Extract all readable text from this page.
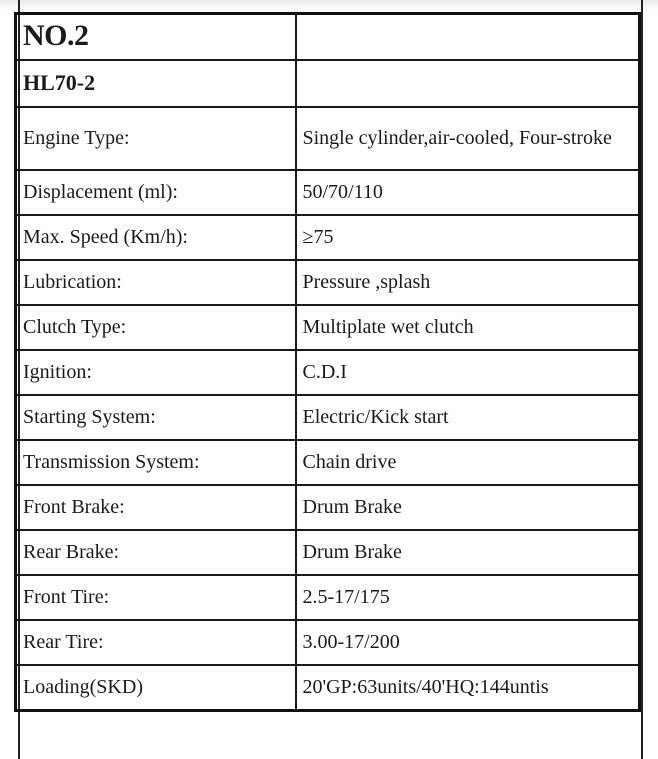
NO.2	
HL70-2	
Engine Type:	Single cylinder,air-cooled, Four-stroke
Displacement (ml):	50/70/110
Max. Speed (Km/h):	≥75
Lubrication:	Pressure ,splash
Clutch Type:	Multiplate wet clutch
Ignition:	C.D.I
Starting System:	Electric/Kick start
Transmission System:	Chain drive
Front Brake:	Drum Brake
Rear Brake:	Drum Brake
Front Tire:	2.5-17/175
Rear Tire:	3.00-17/200
Loading(SKD)	20'GP:63units/40'HQ:144untis
